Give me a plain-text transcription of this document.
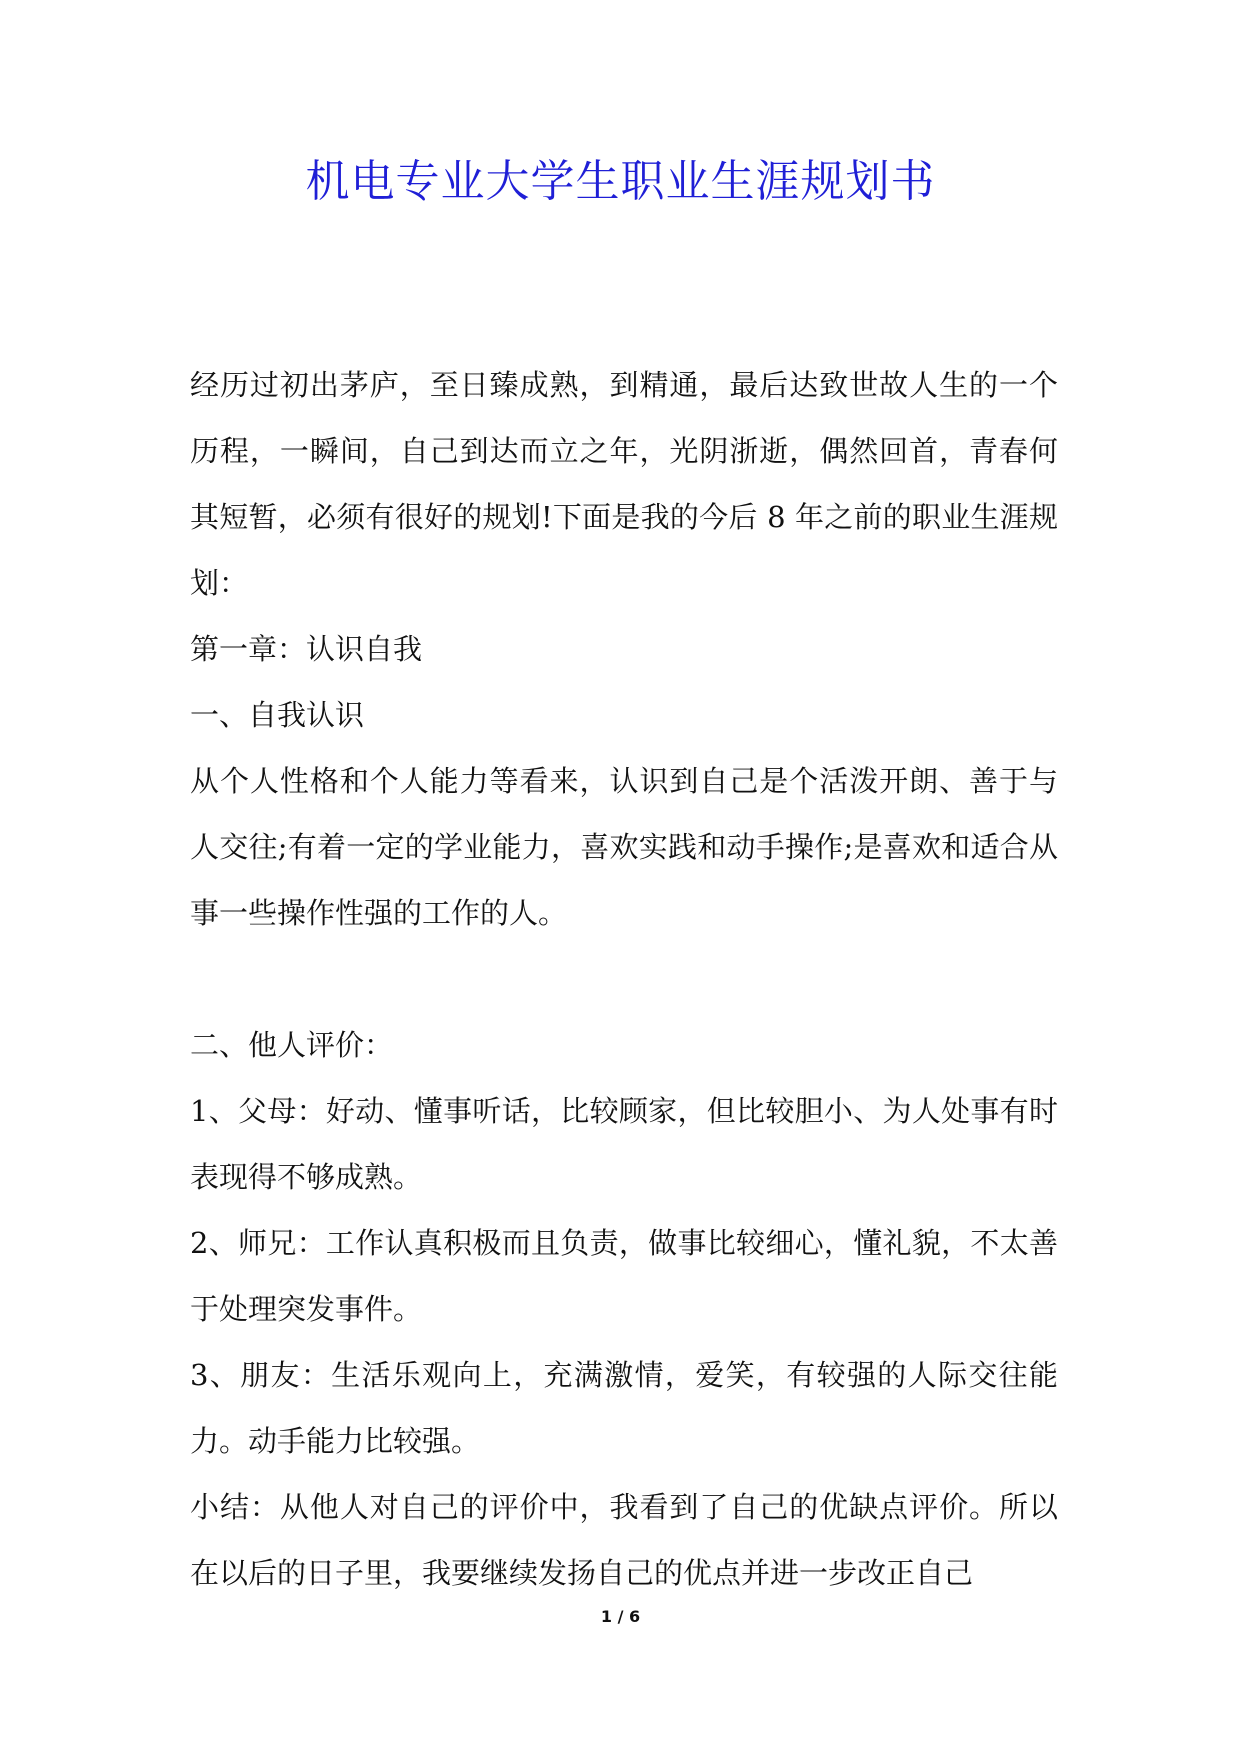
机电专业大学生职业生涯规划书

经历过初出茅庐，至日臻成熟，到精通，最后达致世故人生的一个历程，一瞬间，自己到达而立之年，光阴浙逝，偶然回首，青春何其短暂，必须有很好的规划!下面是我的今后 8 年之前的职业生涯规划：

第一章：认识自我

一、自我认识

从个人性格和个人能力等看来，认识到自己是个活泼开朗、善于与人交往;有着一定的学业能力，喜欢实践和动手操作;是喜欢和适合从事一些操作性强的工作的人。

二、他人评价：

1、父母：好动、懂事听话，比较顾家，但比较胆小、为人处事有时表现得不够成熟。

2、师兄：工作认真积极而且负责，做事比较细心，懂礼貌，不太善于处理突发事件。

3、朋友：生活乐观向上，充满激情，爱笑，有较强的人际交往能力。动手能力比较强。

小结：从他人对自己的评价中，我看到了自己的优缺点评价。所以在以后的日子里，我要继续发扬自己的优点并进一步改正自己

1 / 6
